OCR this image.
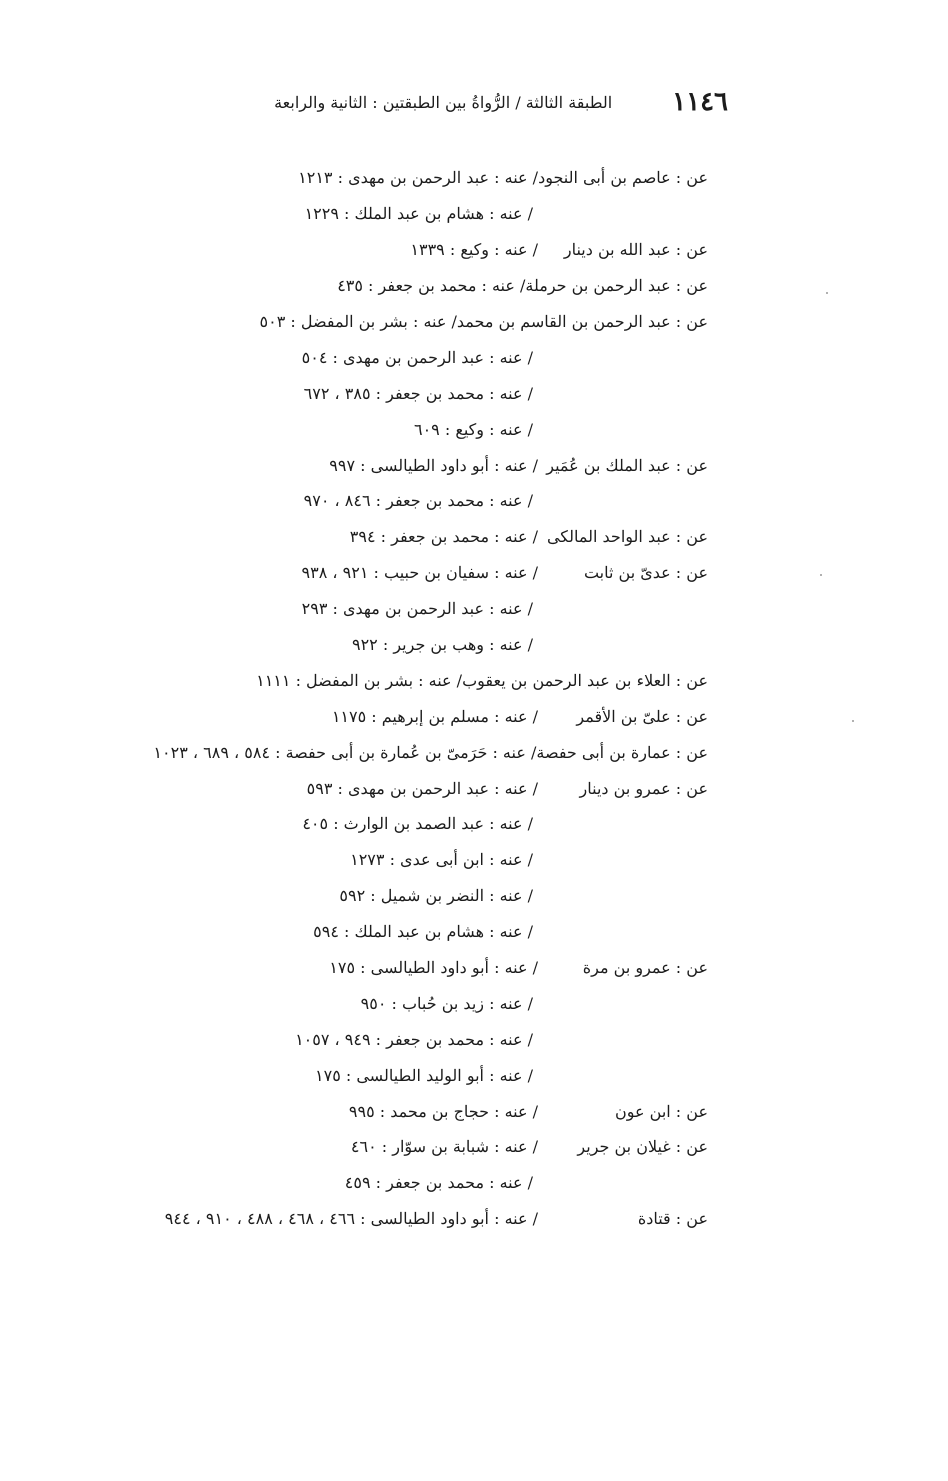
١١٤٦
الطبقة الثالثة / الرُّواةُ بين الطبقتين : الثانية والرابعة
عن : عاصم بن أبى النجود
/ عنه : عبد الرحمن بن مهدى : ١٢١٣
/ عنه : هشام بن عبد الملك : ١٢٢٩
عن : عبد الله بن دينار
/ عنه : وكيع : ١٣٣٩
عن : عبد الرحمن بن حرملة
/ عنه : محمد بن جعفر : ٤٣٥
عن : عبد الرحمن بن القاسم بن محمد
/ عنه : بشر بن المفضل : ٥٠٣
/ عنه : عبد الرحمن بن مهدى : ٥٠٤
/ عنه : محمد بن جعفر : ٣٨٥ ، ٦٧٢
/ عنه : وكيع : ٦٠٩
عن : عبد الملك بن عُمَير
/ عنه : أبو داود الطيالسى : ٩٩٧
/ عنه : محمد بن جعفر : ٨٤٦ ، ٩٧٠
عن : عبد الواحد المالكى
/ عنه : محمد بن جعفر : ٣٩٤
عن : عدىّ بن ثابت
/ عنه : سفيان بن حبيب : ٩٢١ ، ٩٣٨
/ عنه : عبد الرحمن بن مهدى : ٢٩٣
/ عنه : وهب بن جرير : ٩٢٢
عن : العلاء بن عبد الرحمن بن يعقوب
/ عنه : بشر بن المفضل : ١١١١
عن : علىّ بن الأقمر
/ عنه : مسلم بن إبرهيم : ١١٧٥
عن : عمارة بن أبى حفصة
/ عنه : حَرَمىّ بن عُمارة بن أبى حفصة : ٥٨٤ ، ٦٨٩ ، ١٠٢٣
عن : عمرو بن دينار
/ عنه : عبد الرحمن بن مهدى : ٥٩٣
/ عنه : عبد الصمد بن الوارث : ٤٠٥
/ عنه : ابن أبى عدى : ١٢٧٣
/ عنه : النضر بن شميل : ٥٩٢
/ عنه : هشام بن عبد الملك : ٥٩٤
عن : عمرو بن مرة
/ عنه : أبو داود الطيالسى : ١٧٥
/ عنه : زيد بن حُباب : ٩٥٠
/ عنه : محمد بن جعفر : ٩٤٩ ، ١٠٥٧
/ عنه : أبو الوليد الطيالسى : ١٧٥
عن : ابن عون
/ عنه : حجاج بن محمد : ٩٩٥
عن : غيلان بن جرير
/ عنه : شبابة بن سوّار : ٤٦٠
/ عنه : محمد بن جعفر : ٤٥٩
عن : قتادة
/ عنه : أبو داود الطيالسى : ٤٦٦ ، ٤٦٨ ، ٤٨٨ ، ٩١٠ ، ٩٤٤
